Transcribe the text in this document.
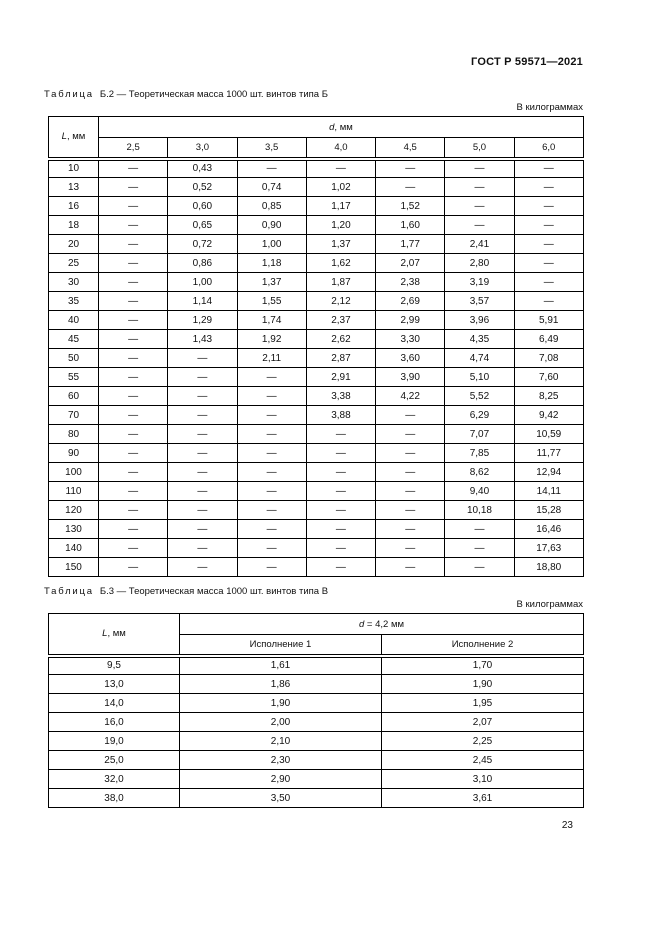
ГОСТ Р 59571—2021
Таблица Б.2 — Теоретическая масса 1000 шт. винтов типа Б
В килограммах
L, мм	d, мм						
	2,5	3,0	3,5	4,0	4,5	5,0	6,0
10	—	0,43	—	—	—	—	—
13	—	0,52	0,74	1,02	—	—	—
16	—	0,60	0,85	1,17	1,52	—	—
18	—	0,65	0,90	1,20	1,60	—	—
20	—	0,72	1,00	1,37	1,77	2,41	—
25	—	0,86	1,18	1,62	2,07	2,80	—
30	—	1,00	1,37	1,87	2,38	3,19	—
35	—	1,14	1,55	2,12	2,69	3,57	—
40	—	1,29	1,74	2,37	2,99	3,96	5,91
45	—	1,43	1,92	2,62	3,30	4,35	6,49
50	—	—	2,11	2,87	3,60	4,74	7,08
55	—	—	—	2,91	3,90	5,10	7,60
60	—	—	—	3,38	4,22	5,52	8,25
70	—	—	—	3,88	—	6,29	9,42
80	—	—	—	—	—	7,07	10,59
90	—	—	—	—	—	7,85	11,77
100	—	—	—	—	—	8,62	12,94
110	—	—	—	—	—	9,40	14,11
120	—	—	—	—	—	10,18	15,28
130	—	—	—	—	—	—	16,46
140	—	—	—	—	—	—	17,63
150	—	—	—	—	—	—	18,80
Таблица Б.3 — Теоретическая масса 1000 шт. винтов типа В
В килограммах
L, мм	d = 4,2 мм	
	Исполнение 1	Исполнение 2
9,5	1,61	1,70
13,0	1,86	1,90
14,0	1,90	1,95
16,0	2,00	2,07
19,0	2,10	2,25
25,0	2,30	2,45
32,0	2,90	3,10
38,0	3,50	3,61
23
